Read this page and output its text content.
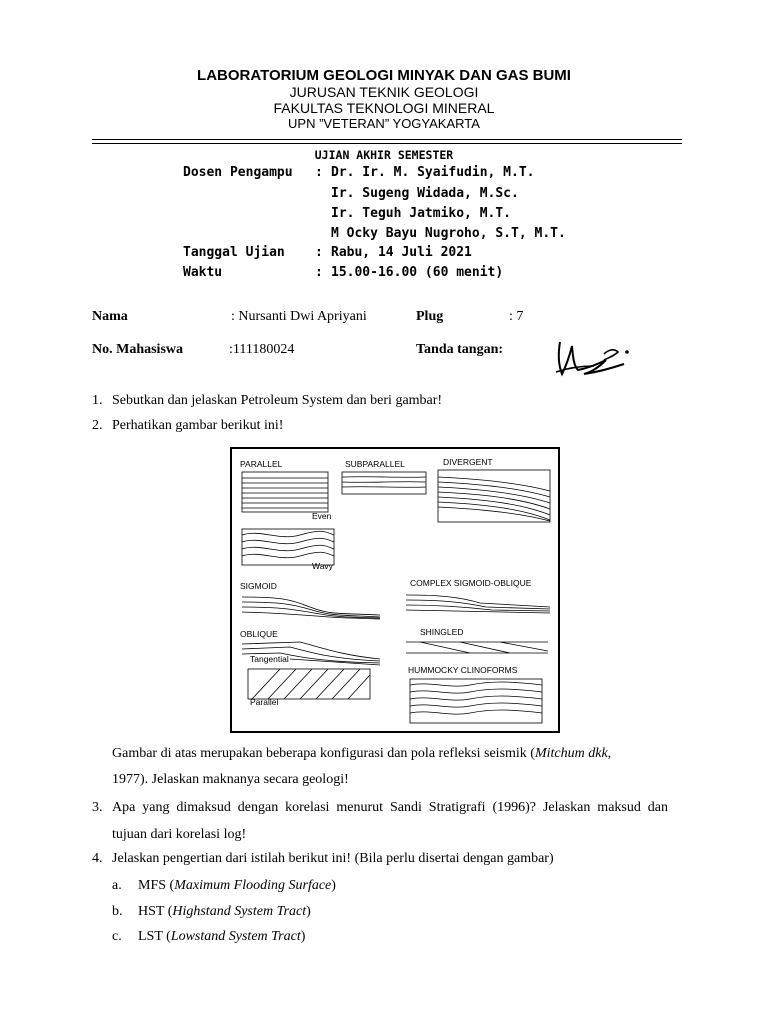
LABORATORIUM GEOLOGI MINYAK DAN GAS BUMI
JURUSAN TEKNIK GEOLOGI
FAKULTAS TEKNOLOGI MINERAL
UPN ”VETERAN” YOGYAKARTA
UJIAN AKHIR SEMESTER
Dosen Pengampu : Dr. Ir. M. Syaifudin, M.T.
Ir. Sugeng Widada, M.Sc.
Ir. Teguh Jatmiko, M.T.
M Ocky Bayu Nugroho, S.T, M.T.
Tanggal Ujian : Rabu, 14 Juli 2021
Waktu	: 15.00-16.00 (60 menit)
Nama	: Nursanti Dwi Apriyani	Plug	: 7
No. Mahasiswa	:111180024	Tanda tangan:
1. Sebutkan dan jelaskan Petroleum System dan beri gambar!
2. Perhatikan gambar berikut ini!
PARALLEL	SUBPARALLEL	DIVERGENT
Even
Wavy
SIGMOID	COMPLEX SIGMOID-OBLIQUE
OBLIQUE
Tangential
Parallel
SHINGLED
HUMMOCKY CLINOFORMS
Gambar di atas merupakan beberapa konfigurasi dan pola refleksi seismik (Mitchum dkk,
1977). Jelaskan maknanya secara geologi!
3. Apa yang dimaksud dengan korelasi menurut Sandi Stratigrafi (1996)? Jelaskan maksud dan tujuan dari korelasi log!
4. Jelaskan pengertian dari istilah berikut ini! (Bila perlu disertai dengan gambar)
a. MFS (Maximum Flooding Surface)
b. HST (Highstand System Tract)
c. LST (Lowstand System Tract)
